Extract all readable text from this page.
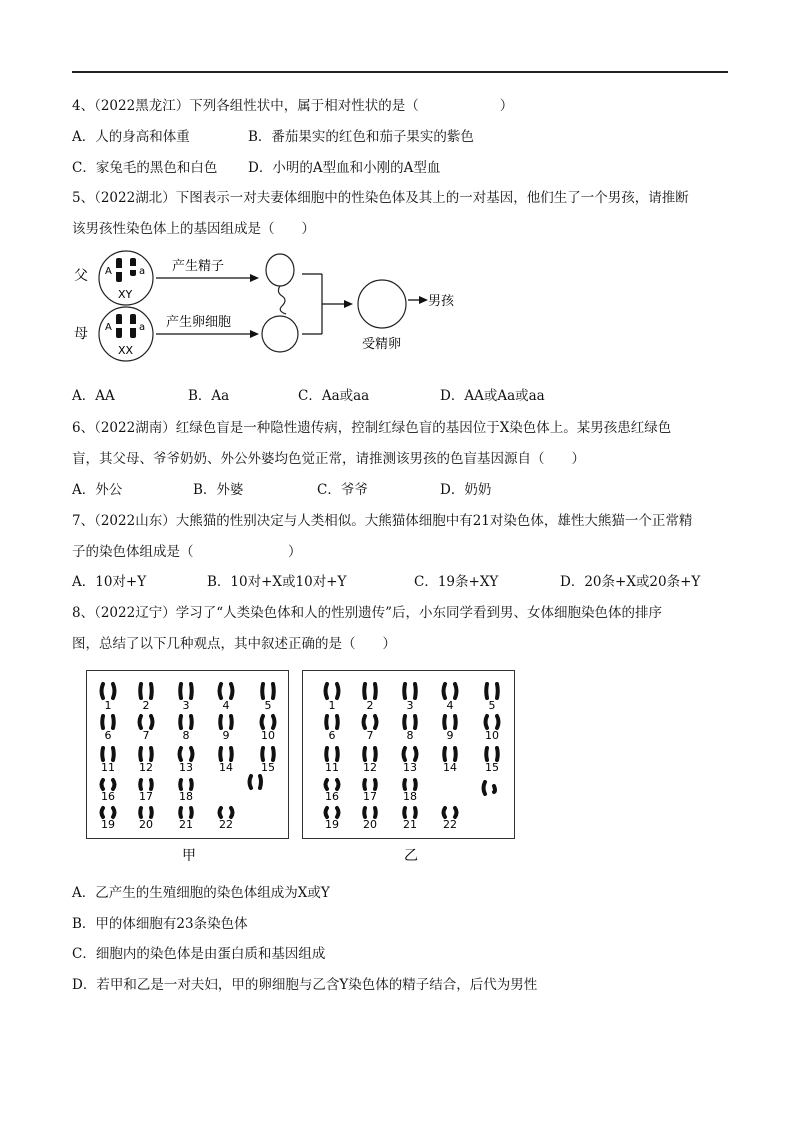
4、（2022黑龙江）下列各组性状中，属于相对性状的是（　　　　　　）
A．人的身高和体重	B．番茄果实的红色和茄子果实的紫色
C．家兔毛的黑色和白色 D．小明的A型血和小刚的A型血
5、（2022湖北）下图表示一对夫妻体细胞中的性染色体及其上的一对基因，他们生了一个男孩，请推断
该男孩性染色体上的基因组成是（　　）
父
母
A	a
XY
A	a
XX
产生精子
产生卵细胞
受精卵
男孩
A．AA	B．Aa	C．Aa或aa	D．AA或Aa或aa
6、（2022湖南）红绿色盲是一种隐性遗传病，控制红绿色盲的基因位于X染色体上。某男孩患红绿色
盲，其父母、爷爷奶奶、外公外婆均色觉正常，请推测该男孩的色盲基因源自（　　）
A．外公	B．外婆	C．爷爷	D．奶奶
7、（2022山东）大熊猫的性别决定与人类相似。大熊猫体细胞中有21对染色体，雄性大熊猫一个正常精
子的染色体组成是（　　　　　　　）
A．10对+Y	B．10对+X或10对+Y	C．19条+XY	D．20条+X或20条+Y
8、（2022辽宁）学习了“人类染色体和人的性别遗传”后，小东同学看到男、女体细胞染色体的排序
图，总结了以下几种观点，其中叙述正确的是（　　）
甲	乙
1	2	3	4	5
6	7	8	9	10
11 12 13 14	15
16 17 18
19 20 21 22
1	2	3	4	5
6	7	8	9	10
11 12 13 14	15
16 17 18
19 20 21 22
A．乙产生的生殖细胞的染色体组成为X或Y
B．甲的体细胞有23条染色体
C．细胞内的染色体是由蛋白质和基因组成
D．若甲和乙是一对夫妇，甲的卵细胞与乙含Y染色体的精子结合，后代为男性
